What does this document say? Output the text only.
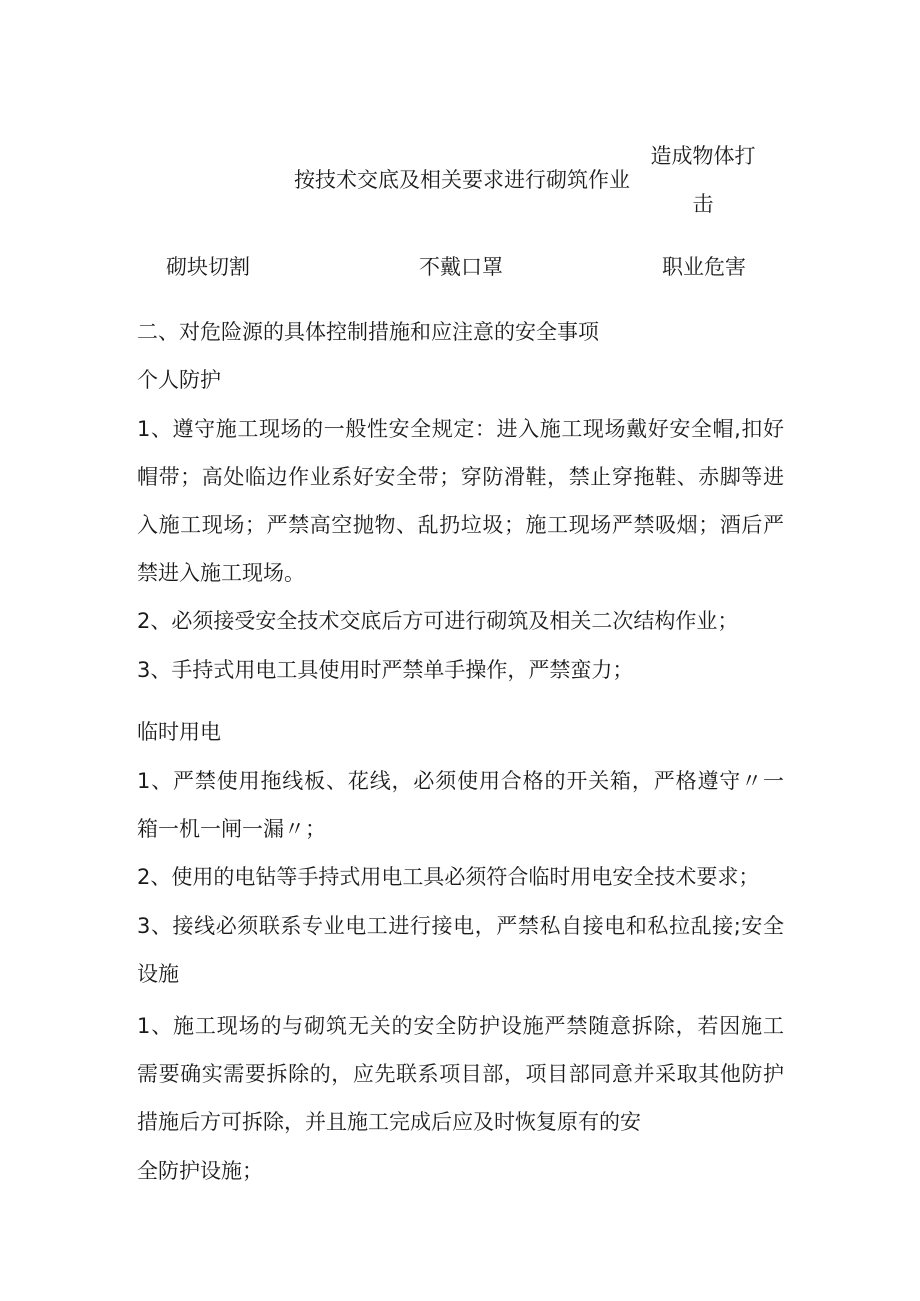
按技术交底及相关要求进行砌筑作业
造成物体打
击
砌块切割	不戴口罩	职业危害
二、对危险源的具体控制措施和应注意的安全事项
个人防护
1、遵守施工现场的一般性安全规定：进入施工现场戴好安全帽,扣好
帽带；高处临边作业系好安全带；穿防滑鞋，禁止穿拖鞋、赤脚等进
入施工现场；严禁高空抛物、乱扔垃圾；施工现场严禁吸烟；酒后严
禁进入施工现场。
2、必须接受安全技术交底后方可进行砌筑及相关二次结构作业；
3、手持式用电工具使用时严禁单手操作，严禁蛮力；
临时用电
1、严禁使用拖线板、花线，必须使用合格的开关箱，严格遵守〃一
箱一机一闸一漏〃；
2、使用的电钻等手持式用电工具必须符合临时用电安全技术要求；
3、接线必须联系专业电工进行接电，严禁私自接电和私拉乱接;安全
设施
1、施工现场的与砌筑无关的安全防护设施严禁随意拆除，若因施工
需要确实需要拆除的，应先联系项目部，项目部同意并采取其他防护
措施后方可拆除，并且施工完成后应及时恢复原有的安
全防护设施；
